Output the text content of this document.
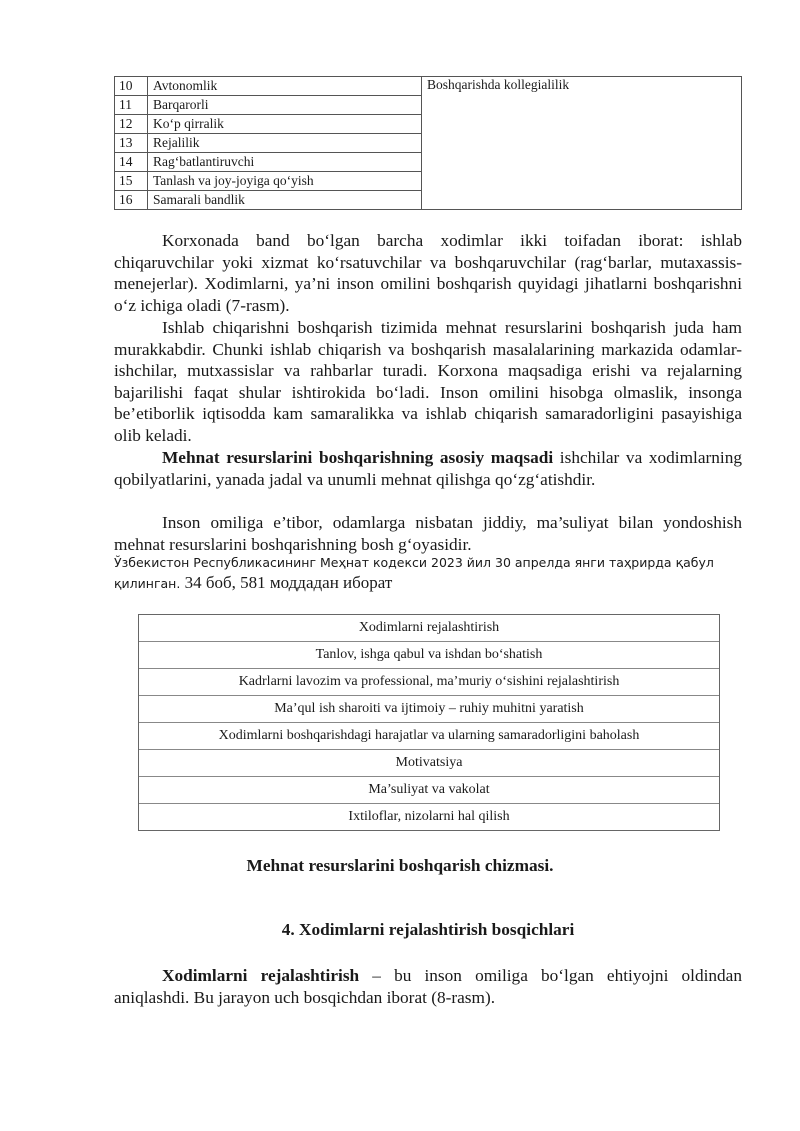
10	Avtonomlik	Boshqarishda kollegialilik
11	Barqarorli	
12	Ko‘p qirralik	
13	Rejalilik	
14	Rag‘batlantiruvchi	
15	Tanlash va joy-joyiga qo‘yish	
16	Samarali bandlik	

Korxonada band bo‘lgan barcha xodimlar ikki toifadan iborat: ishlab chiqaruvchilar yoki xizmat ko‘rsatuvchilar va boshqaruvchilar (rag‘barlar, mutaxassis-menejerlar). Xodimlarni, ya’ni inson omilini boshqarish quyidagi jihatlarni boshqarishni o‘z ichiga oladi (7-rasm).

Ishlab chiqarishni boshqarish tizimida mehnat resurslarini boshqarish juda ham murakkabdir. Chunki ishlab chiqarish va boshqarish masalalarining markazida odamlar-ishchilar, mutxassislar va rahbarlar turadi. Korxona maqsadiga erishi va rejalarning bajarilishi faqat shular ishtirokida bo‘ladi. Inson omilini hisobga olmaslik, insonga be’etiborlik iqtisodda kam samaralikka va ishlab chiqarish samaradorligini pasayishiga olib keladi.

Mehnat resurslarini boshqarishning asosiy maqsadi ishchilar va xodimlarning qobilyatlarini, yanada jadal va unumli mehnat qilishga qo‘zg‘atishdir.

Inson omiliga e’tibor, odamlarga nisbatan jiddiy, ma’suliyat bilan yondoshish mehnat resurslarini boshqarishning bosh g‘oyasidir.

Ўзбекистон Республикасининг Меҳнат кодекси 2023 йил 30 апрелда янги таҳрирда қабул қилинган. 34 боб, 581 моддадан иборат

Xodimlarni rejalashtirish
Tanlov, ishga qabul va ishdan bo‘shatish
Kadrlarni lavozim va professional, ma’muriy o‘sishini rejalashtirish
Ma’qul ish sharoiti va ijtimoiy – ruhiy muhitni yaratish
Xodimlarni boshqarishdagi harajatlar va ularning samaradorligini baholash
Motivatsiya
Ma’suliyat va vakolat
Ixtiloflar, nizolarni hal qilish

Mehnat resurslarini boshqarish chizmasi.

4. Xodimlarni rejalashtirish bosqichlari

Xodimlarni rejalashtirish – bu inson omiliga bo‘lgan ehtiyojni oldindan aniqlashdi. Bu jarayon uch bosqichdan iborat (8-rasm).
